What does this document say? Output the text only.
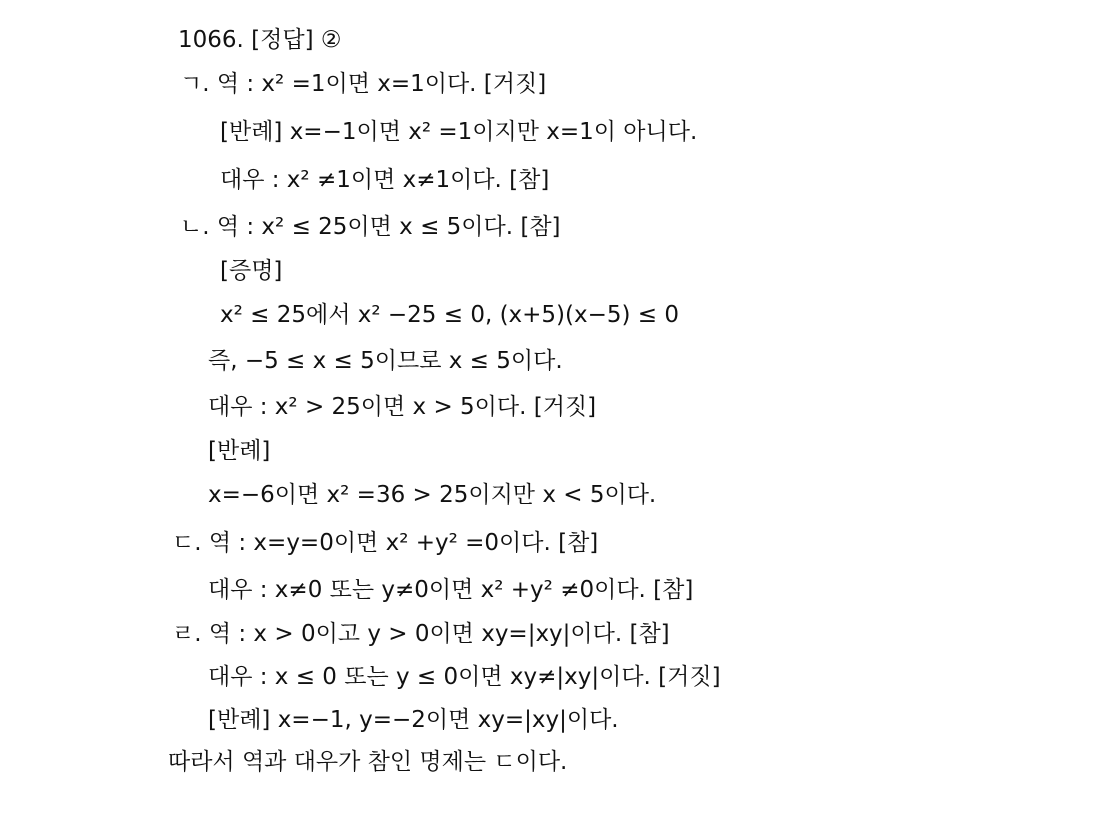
1066. [정답] ②
ㄱ. 역 : x² =1이면 x=1이다. [거짓]
[반례] x=−1이면 x² =1이지만 x=1이 아니다.
대우 : x² ≠1이면 x≠1이다. [참]
ㄴ. 역 : x² ≤ 25이면 x ≤ 5이다. [참]
[증명]
x² ≤ 25에서 x² −25 ≤ 0, (x+5)(x−5) ≤ 0
즉, −5 ≤ x ≤ 5이므로 x ≤ 5이다.
대우 : x² > 25이면 x > 5이다. [거짓]
[반례]
x=−6이면 x² =36 > 25이지만 x < 5이다.
ㄷ. 역 : x=y=0이면 x² +y² =0이다. [참]
대우 : x≠0 또는 y≠0이면 x² +y² ≠0이다. [참]
ㄹ. 역 : x > 0이고 y > 0이면 xy=|xy|이다. [참]
대우 : x ≤ 0 또는 y ≤ 0이면 xy≠|xy|이다. [거짓]
[반례] x=−1, y=−2이면 xy=|xy|이다.
따라서 역과 대우가 참인 명제는 ㄷ이다.
